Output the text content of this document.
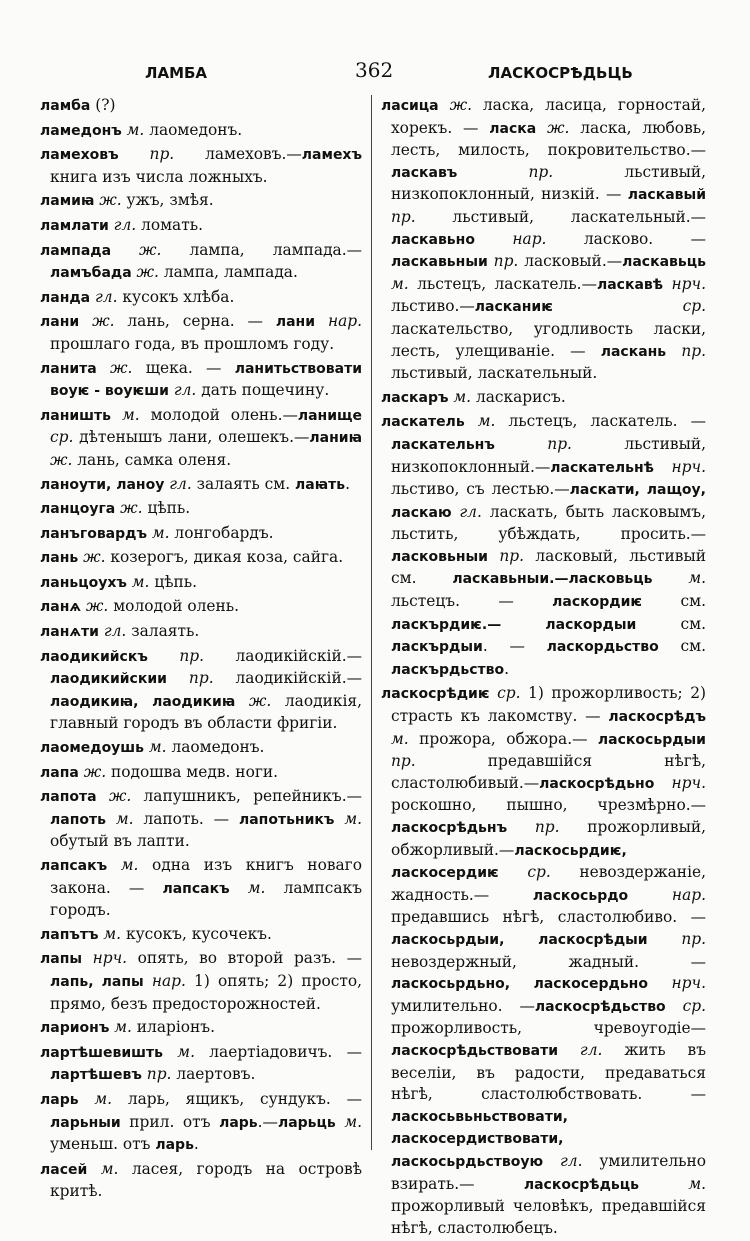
ЛАМБА	362	ЛАСКОСРѢДЬЦЬ
ламба (?)
ламедонъ м. лаомедонъ.
ламеховъ пр. ламеховъ.—ламехъ книга изъ числа ложныхъ.
ламиꙗ ж. ужъ, змѣя.
ламлати гл. ломать.
лампада ж. лампа, лампада.—ламъбада ж. лампа, лампада.
ланда гл. кусокъ хлѣба.
лани ж. лань, серна. — лани нар. прошлаго года, въ прошломъ году.
ланита ж. щека. — ланитьствовати воуѥ - воуѥши гл. дать пощечину.
ланишть м. молодой олень.—ланище ср. дѣтенышъ лани, олешекъ.—ланиꙗ ж. лань, самка оленя.
ланоути, ланоу гл. залаять см. лаꙗть.
ланцоуга ж. цѣпь.
ланъговардъ м. лонгобардъ.
лань ж. козерогъ, дикая коза, сайга.
ланьцоухъ м. цѣпь.
ланѧ ж. молодой олень.
ланѧти гл. залаять.
лаодикийскъ пр. лаодикійскій.— лаодикийскии пр. лаодикійскій.— лаодикиꙗ, лаодикиꙗ ж. лаодикія, главный городъ въ области фригіи.
лаомедоушь м. лаомедонъ.
лапа ж. подошва медв. ноги.
лапота ж. лапушникъ, репейникъ.— лапоть м. лапоть. — лапотьникъ м. обутый въ лапти.
лапсакъ м. одна изъ книгъ новаго закона. — лапсакъ м. лампсакъ городъ.
лапътъ м. кусокъ, кусочекъ.
лапы нрч. опять, во второй разъ. — лапь, лапы нар. 1) опять; 2) просто, прямо, безъ предосторожностей.
ларионъ м. иларіонъ.
лартѣшевишть м. лаертіадовичъ. — лартѣшевъ пр. лаертовъ.
ларь м. ларь, ящикъ, сундукъ. — ларьныи прил. отъ ларь.—ларьць м. уменьш. отъ ларь.
ласей м. ласея, городъ на островѣ критѣ.
ласица ж. ласка, ласица, горностай, хорекъ. — ласка ж. ласка, любовь, лесть, милость, покровительство.— ласкавъ пр. льстивый, низкопоклонный, низкій. — ласкавый пр. льстивый, ласкательный.—ласкавьно нар. ласково. — ласкавьныи пр. ласковый.—ласкавьць м. льстецъ, ласкатель.—ласкавѣ нрч. льстиво.—ласканиѥ ср. ласкательство, угодливость ласки, лесть, улещиваніе. — ласкань пр. льстивый, ласкательный.
ласкаръ м. ласкарисъ.
ласкатель м. льстецъ, ласкатель. — ласкательнъ пр. льстивый, низкопоклонный.—ласкательнѣ нрч. льстиво, съ лестью.—ласкати, лащоу, ласкаю гл. ласкать, быть ласковымъ, льстить, убѣждать, просить.—ласковьныи пр. ласковый, льстивый см. ласкавьныи.—ласковьць м. льстецъ. — ласкордиѥ см. ласкърдиѥ.— ласкордыи см. ласкърдыи. — ласкордьство см. ласкърдьство.
ласкосрѣдиѥ ср. 1) прожорливость; 2) страсть къ лакомству. — ласкосрѣдъ м. прожора, обжора.— ласкосьрдыи пр. предавшійся нѣгѣ, сластолюбивый.—ласкосрѣдьно нрч. роскошно, пышно, чрезмѣрно.—ласкосрѣдьнъ пр. прожорливый, обжорливый.—ласкосьрдиѥ, ласкосердиѥ ср. невоздержаніе, жадность.— ласкосьрдо нар. предавшись нѣгѣ, сластолюбиво. — ласкосьрдыи, ласкосрѣдыи пр. невоздержный, жадный. — ласкосьрдьно, ласкосердьно нрч. умилительно. —ласкосрѣдьство ср. прожорливость, чревоугодіе—ласкосрѣдьствовати гл. жить въ веселіи, въ радости, предаваться нѣгѣ, сластолюбствовать. — ласкосьвьньствовати, ласкосердиствовати, ласкосьрдьствоую гл. умилительно взирать.— ласкосрѣдьць м. прожорливый человѣкъ, предавшійся нѣгѣ, сластолюбецъ.
